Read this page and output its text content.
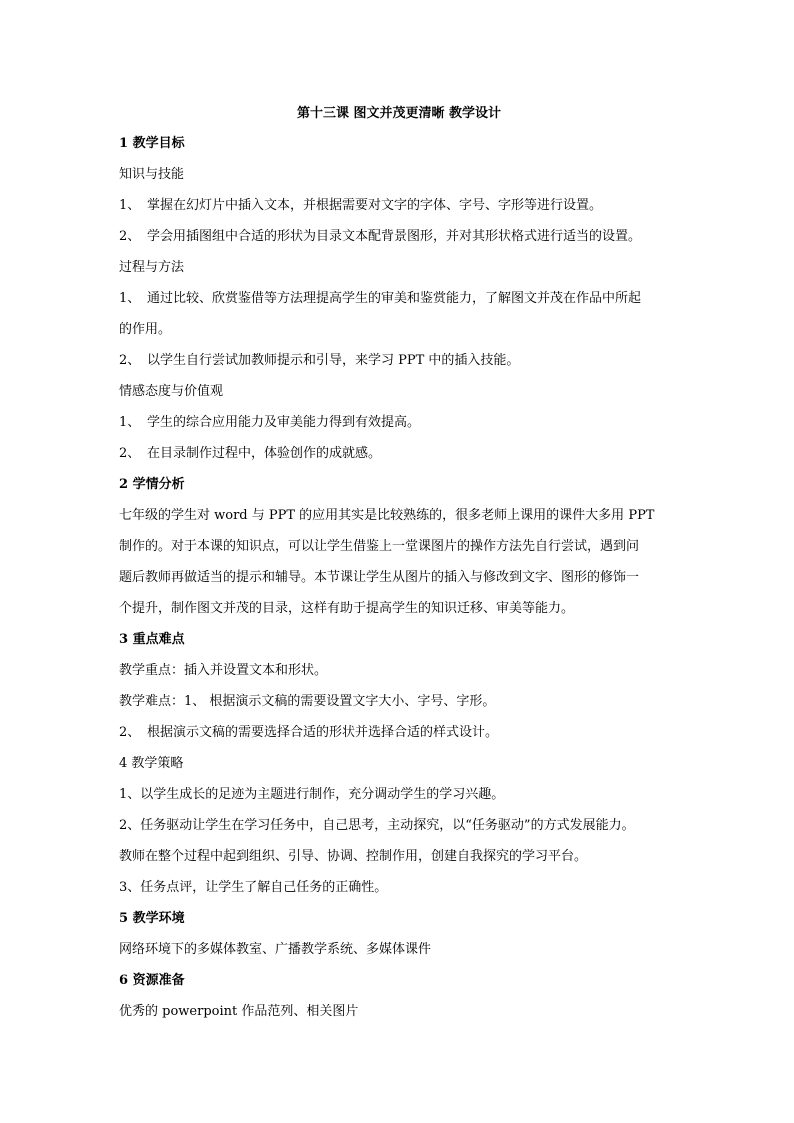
第十三课 图文并茂更清晰 教学设计

1 教学目标

知识与技能

1、 掌握在幻灯片中插入文本，并根据需要对文字的字体、字号、字形等进行设置。

2、 学会用插图组中合适的形状为目录文本配背景图形，并对其形状格式进行适当的设置。

过程与方法

1、 通过比较、欣赏鉴借等方法理提高学生的审美和鉴赏能力，了解图文并茂在作品中所起

的作用。

2、 以学生自行尝试加教师提示和引导，来学习 PPT 中的插入技能。

情感态度与价值观

1、 学生的综合应用能力及审美能力得到有效提高。

2、 在目录制作过程中，体验创作的成就感。

2 学情分析

七年级的学生对 word 与 PPT 的应用其实是比较熟练的，很多老师上课用的课件大多用 PPT

制作的。对于本课的知识点，可以让学生借鉴上一堂课图片的操作方法先自行尝试，遇到问

题后教师再做适当的提示和辅导。本节课让学生从图片的插入与修改到文字、图形的修饰一

个提升，制作图文并茂的目录，这样有助于提高学生的知识迁移、审美等能力。

3 重点难点

教学重点：插入并设置文本和形状。

教学难点：1、 根据演示文稿的需要设置文字大小、字号、字形。

2、 根据演示文稿的需要选择合适的形状并选择合适的样式设计。

4 教学策略

1、以学生成长的足迹为主题进行制作，充分调动学生的学习兴趣。

2、任务驱动让学生在学习任务中，自己思考，主动探究，以“任务驱动”的方式发展能力。

教师在整个过程中起到组织、引导、协调、控制作用，创建自我探究的学习平台。

3、任务点评，让学生了解自己任务的正确性。

5 教学环境

网络环境下的多媒体教室、广播教学系统、多媒体课件

6 资源准备

优秀的 powerpoint 作品范列、相关图片
